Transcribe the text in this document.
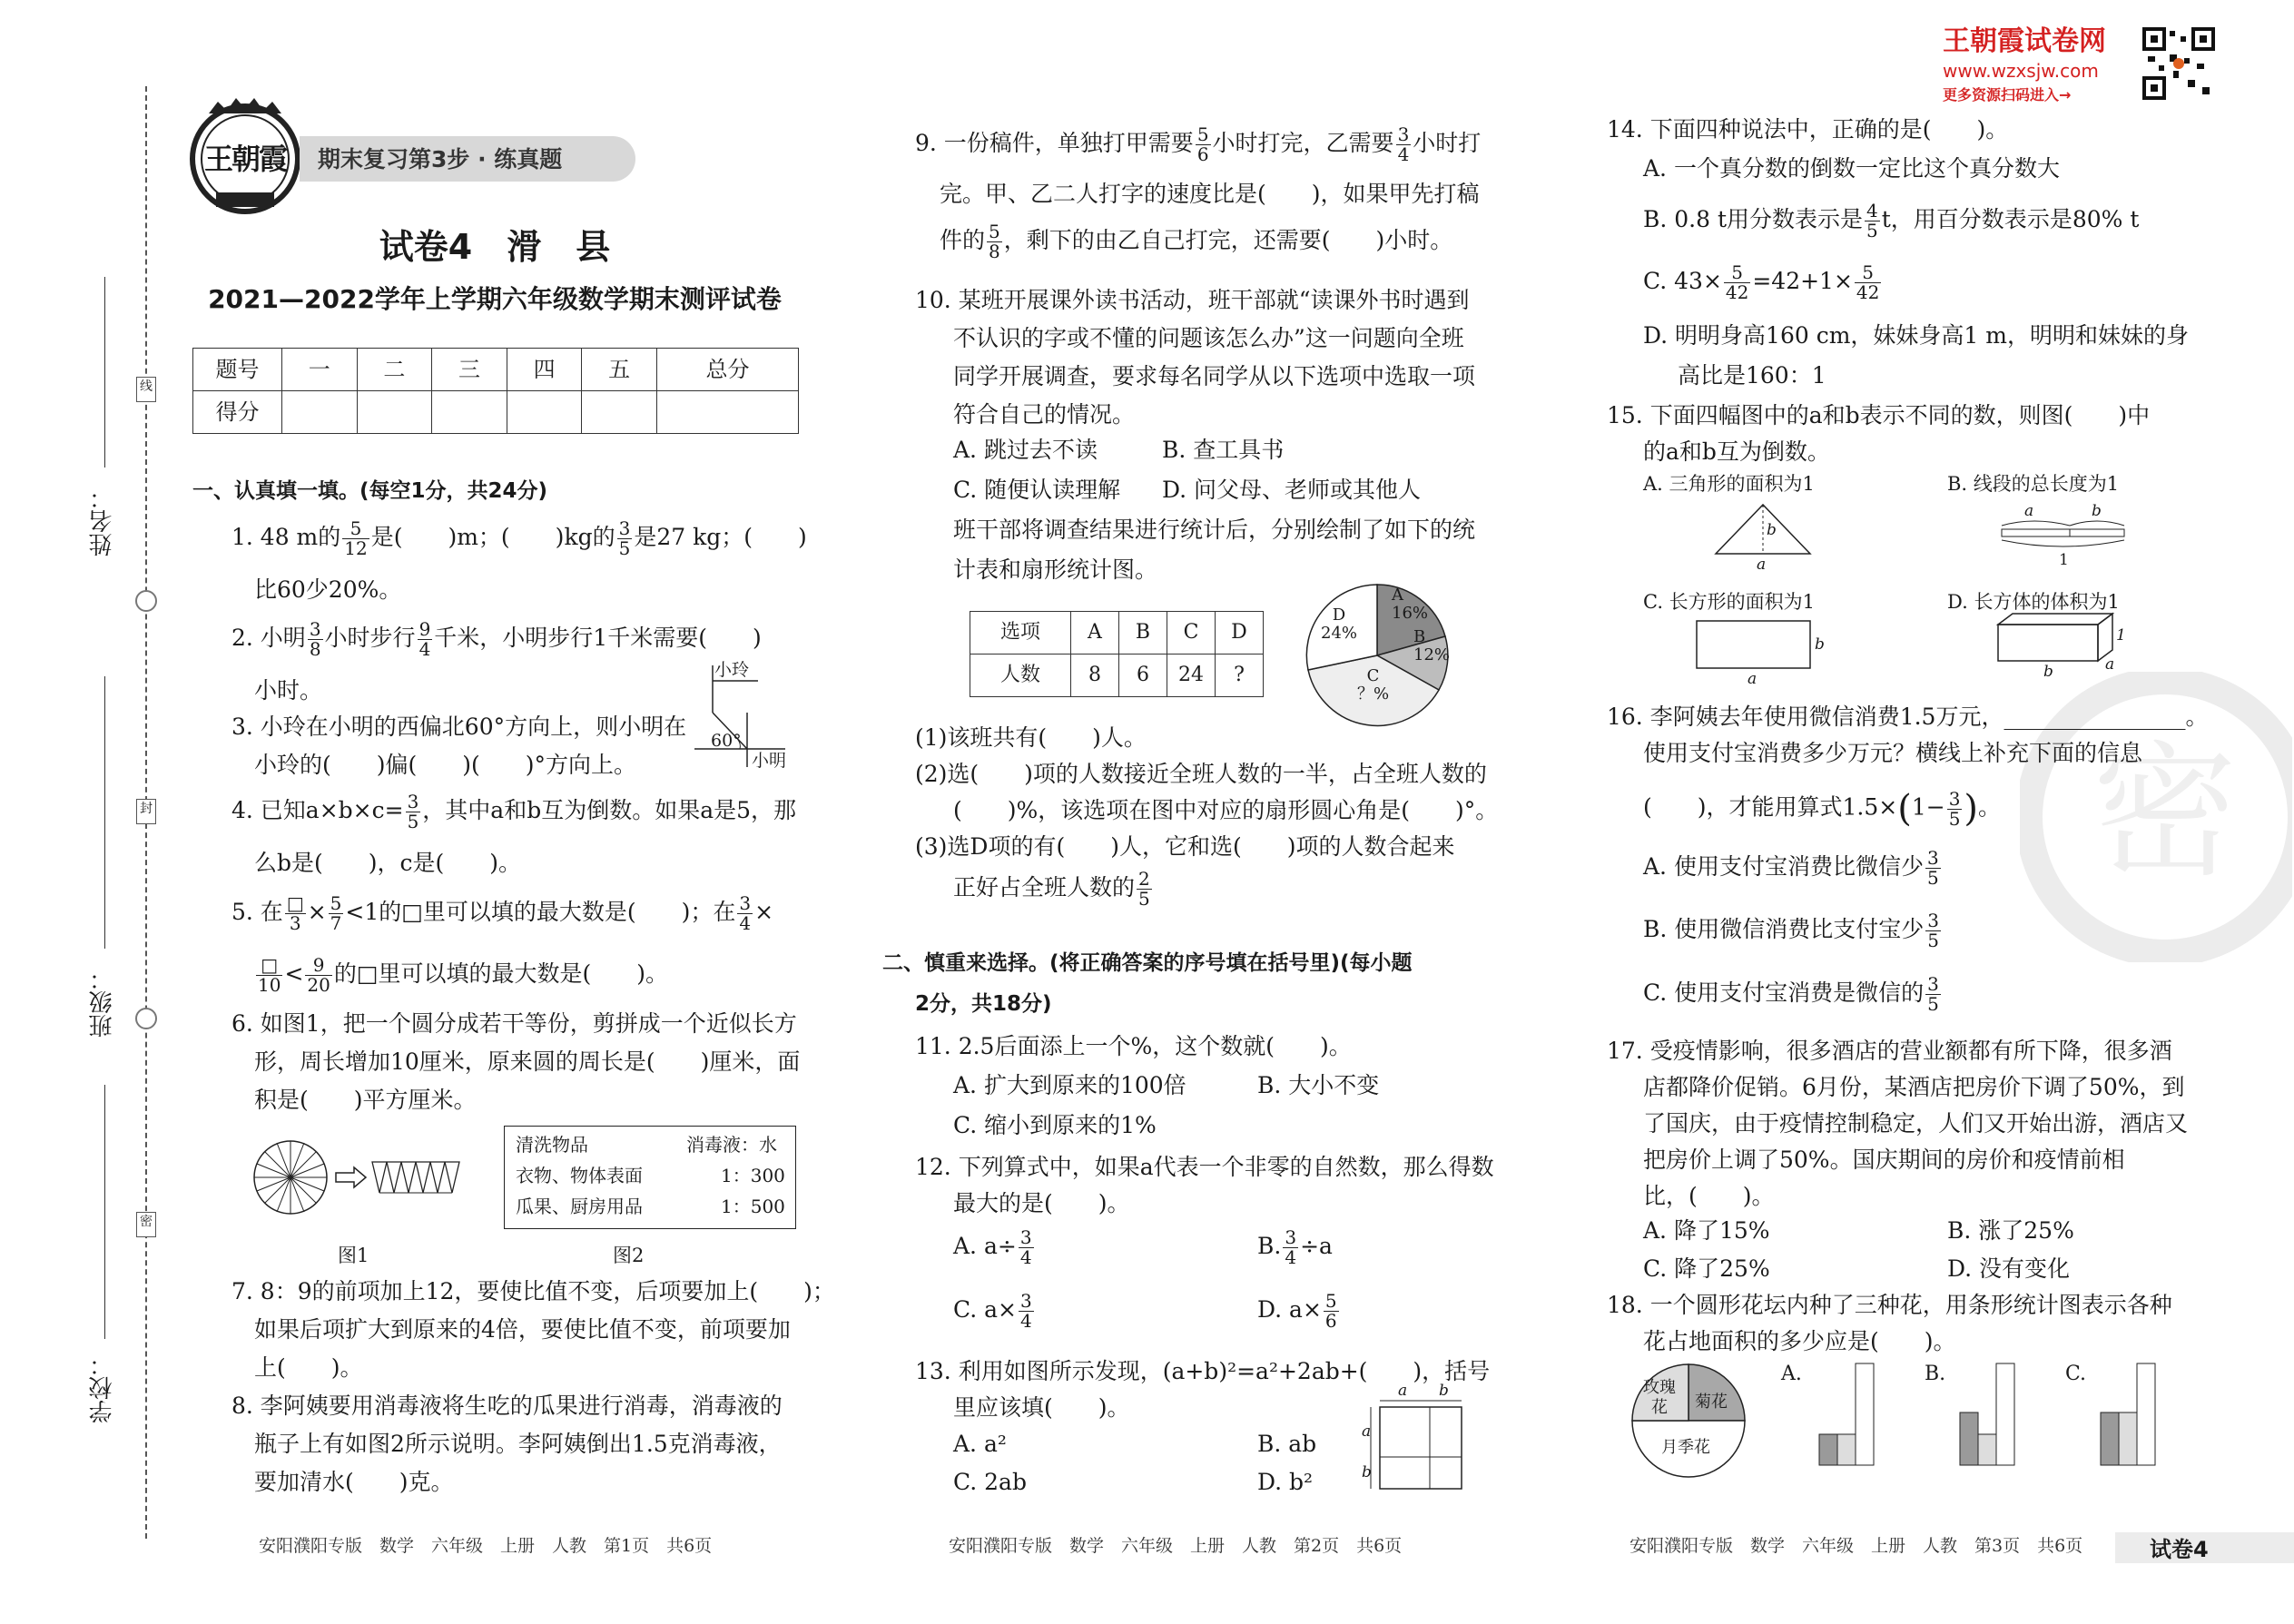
姓名：
班级：
学校：
线
封
密
王朝霞 期末复习第3步 · 练真题
试卷4　滑　县
2021—2022学年上学期六年级数学期末测评试卷
题号	一	二	三	四	五	总分
得分						
一、认真填一填。(每空1分，共24分)
1. 48 m的 $\frac{5}{12}$ 是(　　)m；(　　)kg的 $\frac{3}{5}$ 是27 kg；(　　)
比60少20%。
2. 小明 $\frac{3}{8}$ 小时步行 $\frac{9}{4}$ 千米，小明步行1千米需要(　　)
小时。
3. 小玲在小明的西偏北60°方向上，则小明在
小玲的(　　)偏(　　)(　　)°方向上。
小玲
小明
60°
4. 已知$a\times b\times c= \frac{3}{5}$ ，其中a和b互为倒数。如果a是5，那
么b是(　　)，c是(　　)。
5. 在 $\frac{□}{3} \times \frac{5}{7} <1$的□里可以填的最大数是(　　)；在 $\frac{3}{4}$ ×
$\frac{□}{10} < \frac{9}{20}$ 的□里可以填的最大数是(　　)。
6. 如图1，把一个圆分成若干等份，剪拼成一个近似长方
形，周长增加10厘米，原来圆的周长是(　　)厘米，面
积是(　　)平方厘米。
清洗物品	消毒液：水
衣物、物体表面	1：300
瓜果、厨房用品	1：500
图1	图2
7. 8：9的前项加上12，要使比值不变，后项要加上(　　)；
如果后项扩大到原来的4倍，要使比值不变，前项要加
上(　　)。
8. 李阿姨要用消毒液将生吃的瓜果进行消毒，消毒液的
瓶子上有如图2所示说明。李阿姨倒出1.5克消毒液，
要加清水(　　)克。
安阳濮阳专版　数学　六年级　上册　人教　第1页　共6页
9. 一份稿件，单独打甲需要 $\frac{5}{6}$ 小时打完，乙需要 $\frac{3}{4}$ 小时打
完。甲、乙二人打字的速度比是(　　)，如果甲先打稿
件的 $\frac{5}{8}$ ，剩下的由乙自己打完，还需要(　　)小时。
10. 某班开展课外读书活动，班干部就“读课外书时遇到
不认识的字或不懂的问题该怎么办”这一问题向全班
同学开展调查，要求每名同学从以下选项中选取一项
符合自己的情况。
A. 跳过去不读	B. 查工具书
C. 随便认读理解 D. 问父母、老师或其他人
班干部将调查结果进行统计后，分别绘制了如下的统
计表和扇形统计图。
选项	A	B	C	D
人数	8	6	24	?
A
16%
B
12%
D
24%
C
？%
(1)该班共有(　　)人。
(2)选(　　)项的人数接近全班人数的一半，占全班人数的
(　　)%，该选项在图中对应的扇形圆心角是(　　)°。
(3)选D项的有(　　)人，它和选(　　)项的人数合起来
正好占全班人数的 $\frac{2}{5}$
二、慎重来选择。(将正确答案的序号填在括号里)(每小题
2分，共18分)
11. 2.5后面添上一个%，这个数就(　　)。
A. 扩大到原来的100倍	B. 大小不变
C. 缩小到原来的1%
12. 下列算式中，如果a代表一个非零的自然数，那么得数
最大的是(　　)。
A. $a\div \frac{3}{4}$	B. $\frac{3}{4} \div a$
C. $a\times \frac{3}{4}$	D. $a\times \frac{5}{6}$
13. 利用如图所示发现，(a+b)²=a²+2ab+(　　)，括号
里应该填(　　)。
A. a²	B. ab
C. 2ab	D. b²
a b
a
b
安阳濮阳专版　数学　六年级　上册　人教　第2页　共6页
密
王朝霞试卷网
www.wzxsjw.com
更多资源扫码进入→
14. 下面四种说法中，正确的是(　　)。
A. 一个真分数的倒数一定比这个真分数大
B. 0.8 t用分数表示是 $\frac{4}{5}$ t，用百分数表示是80% t
C. $43\times \frac{5}{42} =42+1\times \frac{5}{42}$
D. 明明身高160 cm，妹妹身高1 m，明明和妹妹的身
高比是160：1
15. 下面四幅图中的a和b表示不同的数，则图(　　)中
的a和b互为倒数。
A. 三角形的面积为1	B. 线段的总长度为1
b
a
a	b
1
C. 长方形的面积为1	D. 长方体的体积为1
b
a
a
b
1
16. 李阿姨去年使用微信消费1.5万元，________________。
使用支付宝消费多少万元？横线上补充下面的信息
(　　)，才能用算式$1.5\times(1- \frac{3}{5}$ )。
A. 使用支付宝消费比微信少 $\frac{3}{5}$
B. 使用微信消费比支付宝少 $\frac{3}{5}$
C. 使用支付宝消费是微信的 $\frac{3}{5}$
17. 受疫情影响，很多酒店的营业额都有所下降，很多酒
店都降价促销。6月份，某酒店把房价下调了50%，到
了国庆，由于疫情控制稳定，人们又开始出游，酒店又
把房价上调了50%。国庆期间的房价和疫情前相
比，(　　)。
A. 降了15%	B. 涨了25%
C. 降了25%	D. 没有变化
18. 一个圆形花坛内种了三种花，用条形统计图表示各种
花占地面积的多少应是(　　)。
玫瑰
花	菊花
月季花
A.	B.	C.
安阳濮阳专版　数学　六年级　上册　人教　第3页　共6页	试卷4
